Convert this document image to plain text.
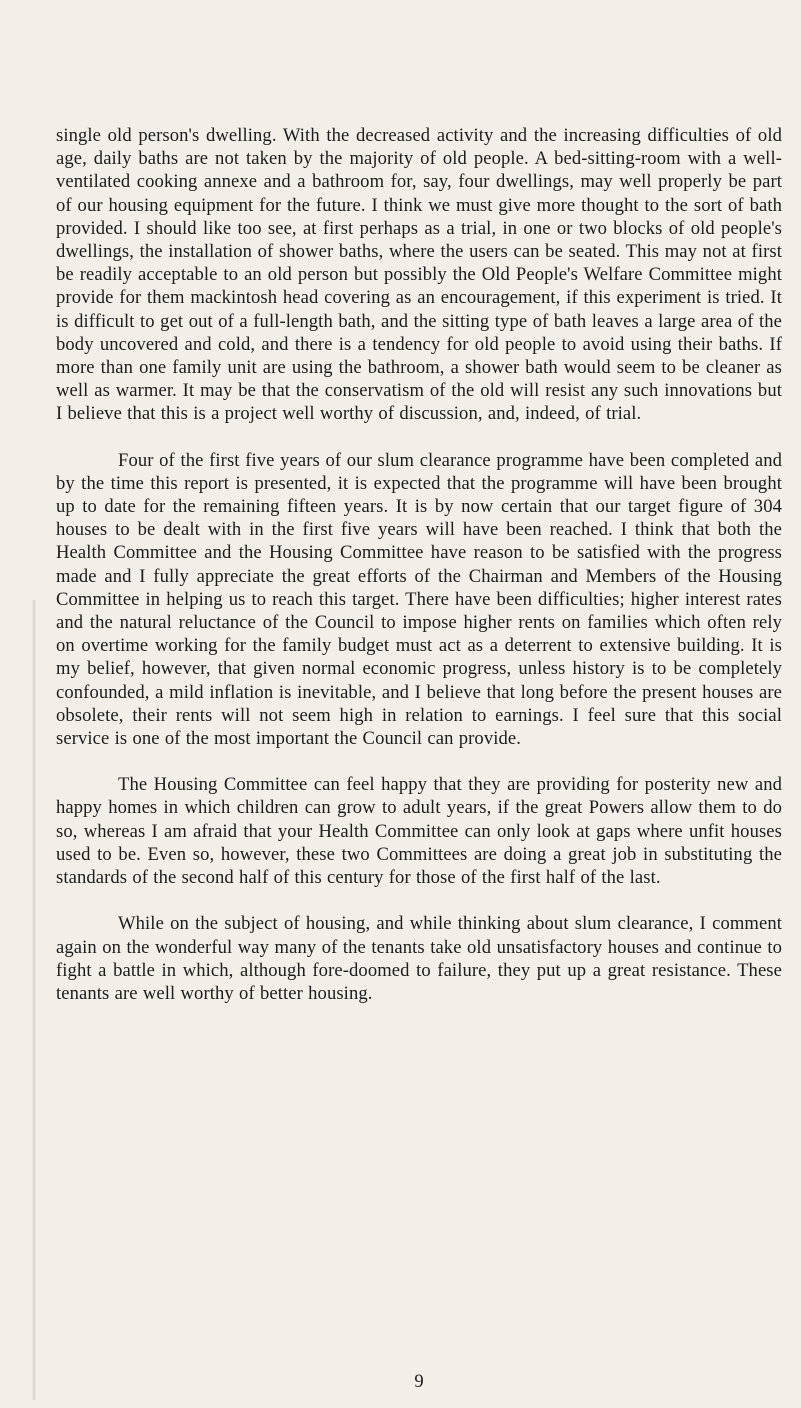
single old person's dwelling. With the decreased activity and the increasing difficulties of old age, daily baths are not taken by the majority of old people. A bed-sitting-room with a well-ventilated cooking annexe and a bathroom for, say, four dwellings, may well properly be part of our housing equipment for the future. I think we must give more thought to the sort of bath provided. I should like too see, at first perhaps as a trial, in one or two blocks of old people's dwellings, the installation of shower baths, where the users can be seated. This may not at first be readily acceptable to an old person but possibly the Old People's Welfare Committee might provide for them mackintosh head covering as an encouragement, if this experiment is tried. It is difficult to get out of a full-length bath, and the sitting type of bath leaves a large area of the body uncovered and cold, and there is a tendency for old people to avoid using their baths. If more than one family unit are using the bathroom, a shower bath would seem to be cleaner as well as warmer. It may be that the conservatism of the old will resist any such innovations but I believe that this is a project well worthy of discussion, and, indeed, of trial.

Four of the first five years of our slum clearance programme have been completed and by the time this report is presented, it is expected that the programme will have been brought up to date for the remaining fifteen years. It is by now certain that our target figure of 304 houses to be dealt with in the first five years will have been reached. I think that both the Health Committee and the Housing Committee have reason to be satisfied with the progress made and I fully appreciate the great efforts of the Chairman and Members of the Housing Committee in helping us to reach this target. There have been difficulties; higher interest rates and the natural reluctance of the Council to impose higher rents on families which often rely on overtime working for the family budget must act as a deterrent to extensive building. It is my belief, however, that given normal economic progress, unless history is to be completely confounded, a mild inflation is inevitable, and I believe that long before the present houses are obsolete, their rents will not seem high in relation to earnings. I feel sure that this social service is one of the most important the Council can provide.

The Housing Committee can feel happy that they are providing for posterity new and happy homes in which children can grow to adult years, if the great Powers allow them to do so, whereas I am afraid that your Health Committee can only look at gaps where unfit houses used to be. Even so, however, these two Committees are doing a great job in substituting the standards of the second half of this century for those of the first half of the last.

While on the subject of housing, and while thinking about slum clearance, I comment again on the wonderful way many of the tenants take old unsatisfactory houses and continue to fight a battle in which, although fore-doomed to failure, they put up a great resistance. These tenants are well worthy of better housing.

9
